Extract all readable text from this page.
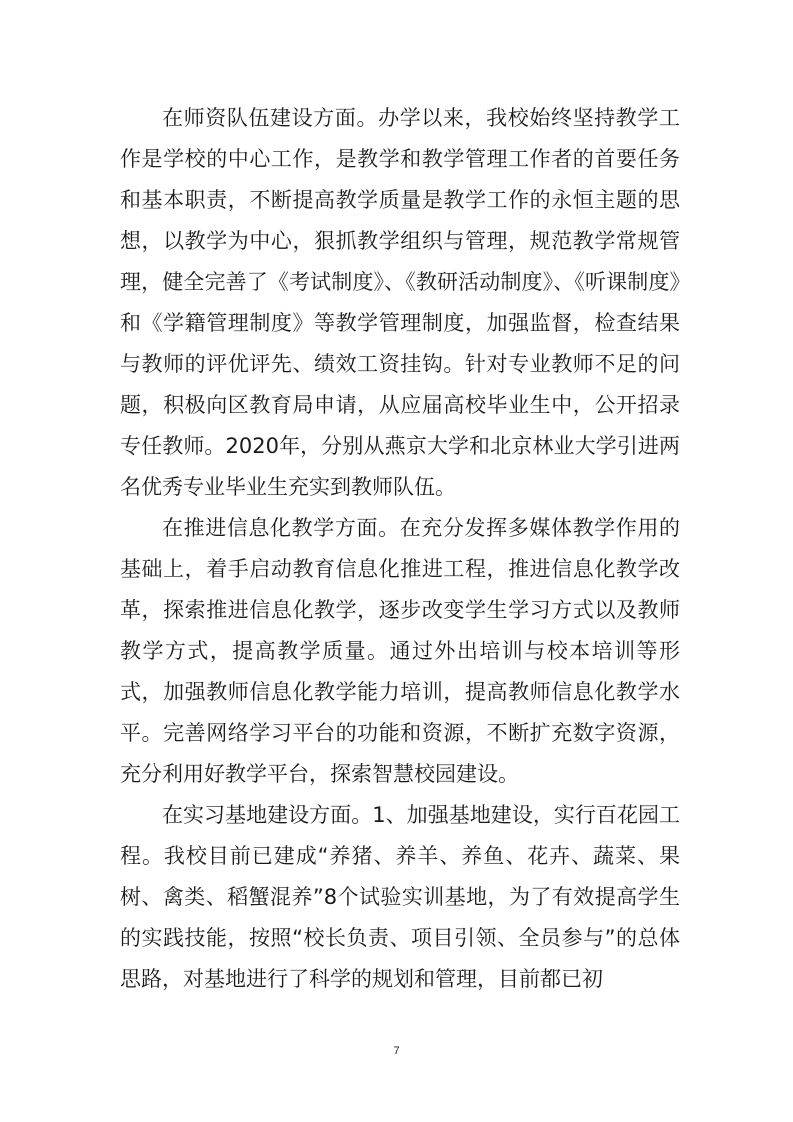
在师资队伍建设方面。办学以来，我校始终坚持教学工作是学校的中心工作，是教学和教学管理工作者的首要任务和基本职责，不断提高教学质量是教学工作的永恒主题的思想，以教学为中心，狠抓教学组织与管理，规范教学常规管理，健全完善了《考试制度》、《教研活动制度》、《听课制度》和《学籍管理制度》等教学管理制度，加强监督，检查结果与教师的评优评先、绩效工资挂钩。针对专业教师不足的问题，积极向区教育局申请，从应届高校毕业生中，公开招录专任教师。2020年，分别从燕京大学和北京林业大学引进两名优秀专业毕业生充实到教师队伍。

在推进信息化教学方面。在充分发挥多媒体教学作用的基础上，着手启动教育信息化推进工程，推进信息化教学改革，探索推进信息化教学，逐步改变学生学习方式以及教师教学方式，提高教学质量。通过外出培训与校本培训等形式，加强教师信息化教学能力培训，提高教师信息化教学水平。完善网络学习平台的功能和资源，不断扩充数字资源，充分利用好教学平台，探索智慧校园建设。

在实习基地建设方面。1、加强基地建设，实行百花园工程。我校目前已建成“养猪、养羊、养鱼、花卉、蔬菜、果树、禽类、稻蟹混养”8个试验实训基地，为了有效提高学生的实践技能，按照“校长负责、项目引领、全员参与”的总体思路，对基地进行了科学的规划和管理，目前都已初

7
